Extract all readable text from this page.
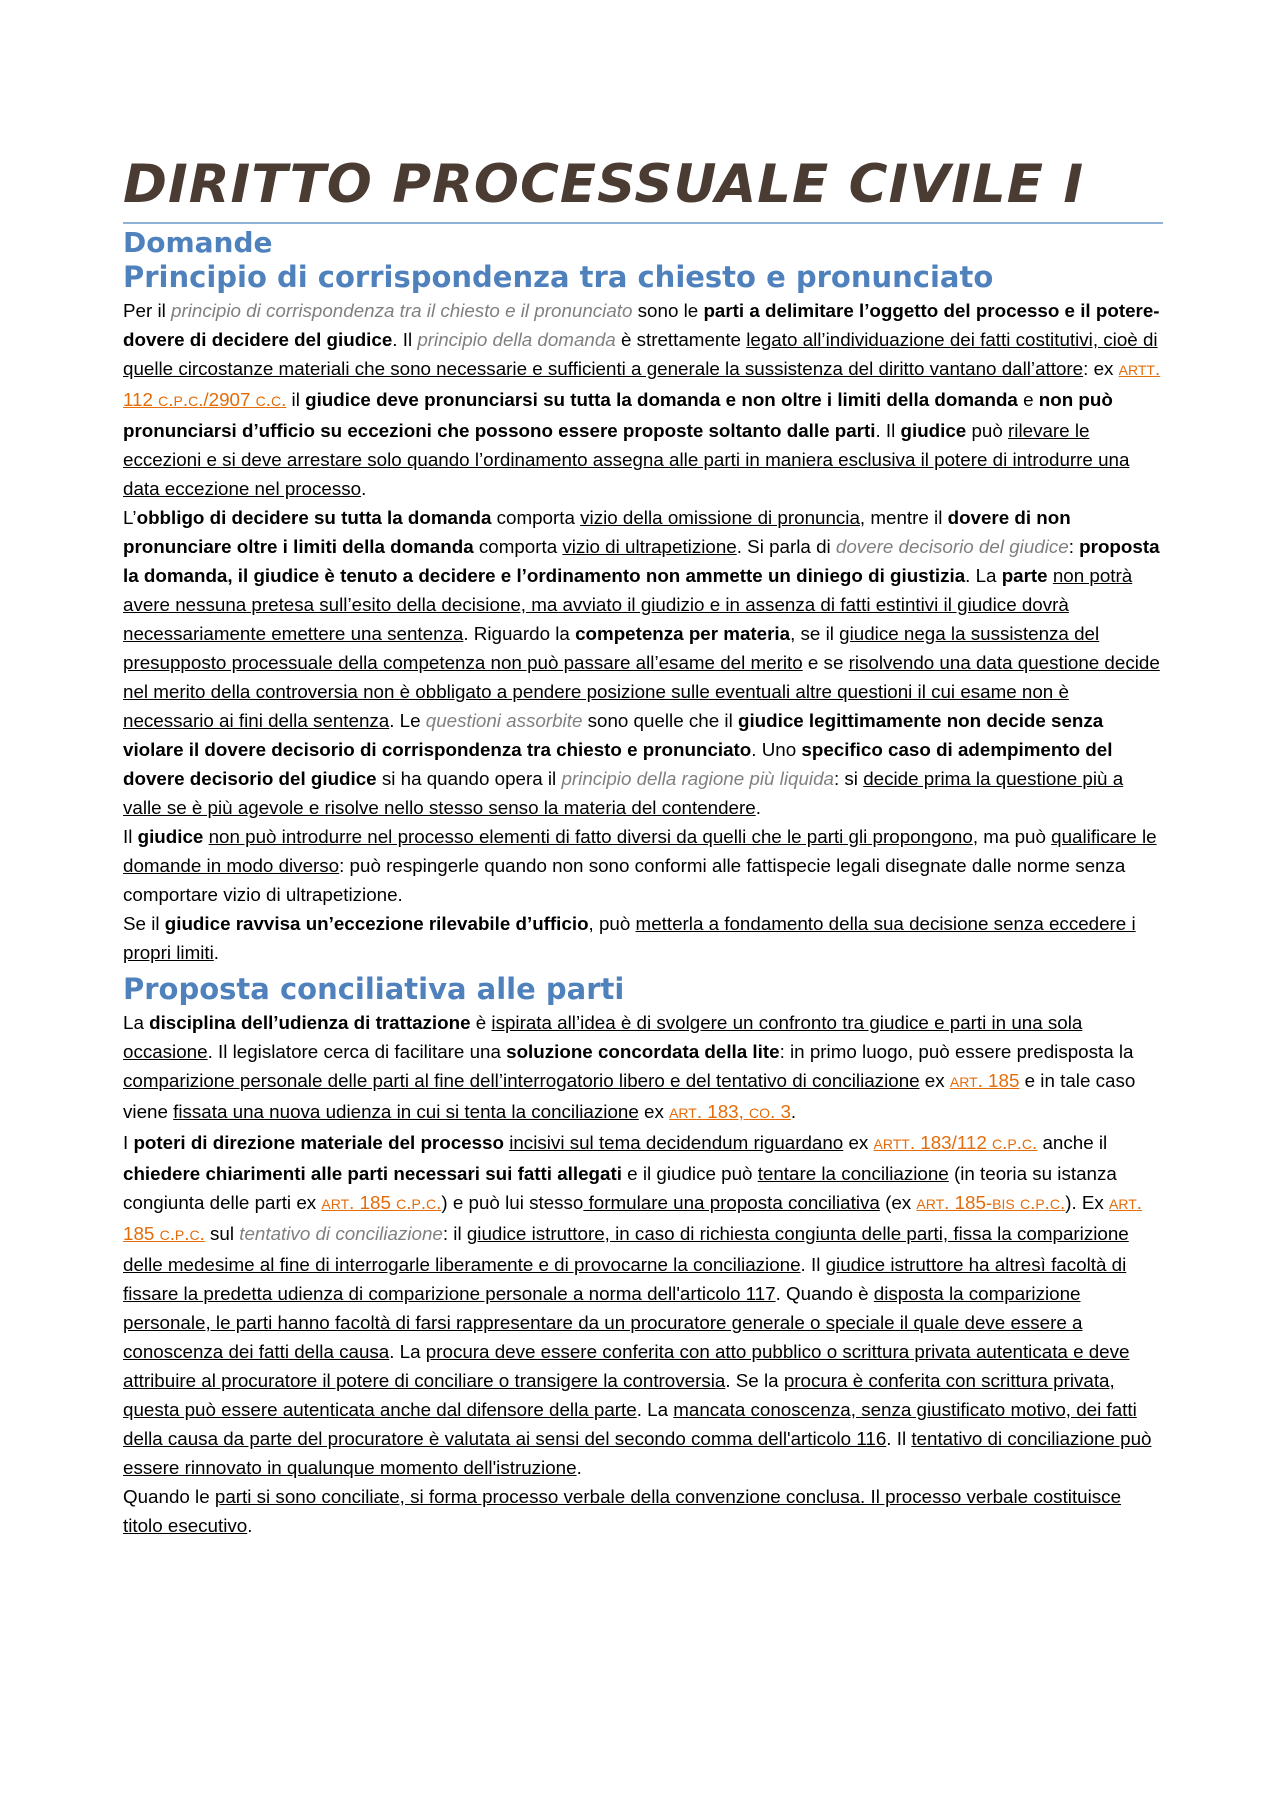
DIRITTO PROCESSUALE CIVILE I
Domande
Principio di corrispondenza tra chiesto e pronunciato

Per il principio di corrispondenza tra il chiesto e il pronunciato sono le parti a delimitare l’oggetto del processo e il potere-dovere di decidere del giudice. Il principio della domanda è strettamente legato all’individuazione dei fatti costitutivi, cioè di quelle circostanze materiali che sono necessarie e sufficienti a generale la sussistenza del diritto vantano dall’attore: ex ARTT. 112 C.P.C./2907 C.C. il giudice deve pronunciarsi su tutta la domanda e non oltre i limiti della domanda e non può pronunciarsi d’ufficio su eccezioni che possono essere proposte soltanto dalle parti. Il giudice può rilevare le eccezioni e si deve arrestare solo quando l’ordinamento assegna alle parti in maniera esclusiva il potere di introdurre una data eccezione nel processo.

L’obbligo di decidere su tutta la domanda comporta vizio della omissione di pronuncia, mentre il dovere di non pronunciare oltre i limiti della domanda comporta vizio di ultrapetizione. Si parla di dovere decisorio del giudice: proposta la domanda, il giudice è tenuto a decidere e l’ordinamento non ammette un diniego di giustizia. La parte non potrà avere nessuna pretesa sull’esito della decisione, ma avviato il giudizio e in assenza di fatti estintivi il giudice dovrà necessariamente emettere una sentenza. Riguardo la competenza per materia, se il giudice nega la sussistenza del presupposto processuale della competenza non può passare all’esame del merito e se risolvendo una data questione decide nel merito della controversia non è obbligato a pendere posizione sulle eventuali altre questioni il cui esame non è necessario ai fini della sentenza. Le questioni assorbite sono quelle che il giudice legittimamente non decide senza violare il dovere decisorio di corrispondenza tra chiesto e pronunciato. Uno specifico caso di adempimento del dovere decisorio del giudice si ha quando opera il principio della ragione più liquida: si decide prima la questione più a valle se è più agevole e risolve nello stesso senso la materia del contendere.

Il giudice non può introdurre nel processo elementi di fatto diversi da quelli che le parti gli propongono, ma può qualificare le domande in modo diverso: può respingerle quando non sono conformi alle fattispecie legali disegnate dalle norme senza comportare vizio di ultrapetizione.

Se il giudice ravvisa un’eccezione rilevabile d’ufficio, può metterla a fondamento della sua decisione senza eccedere i propri limiti.

Proposta conciliativa alle parti

La disciplina dell’udienza di trattazione è ispirata all’idea è di svolgere un confronto tra giudice e parti in una sola occasione. Il legislatore cerca di facilitare una soluzione concordata della lite: in primo luogo, può essere predisposta la comparizione personale delle parti al fine dell’interrogatorio libero e del tentativo di conciliazione ex ART. 185 e in tale caso viene fissata una nuova udienza in cui si tenta la conciliazione ex ART. 183, CO. 3.

I poteri di direzione materiale del processo incisivi sul tema decidendum riguardano ex ARTT. 183/112 C.P.C. anche il chiedere chiarimenti alle parti necessari sui fatti allegati e il giudice può tentare la conciliazione (in teoria su istanza congiunta delle parti ex ART. 185 C.P.C.) e può lui stesso formulare una proposta conciliativa (ex ART. 185-BIS C.P.C.). Ex ART. 185 C.P.C. sul tentativo di conciliazione: il giudice istruttore, in caso di richiesta congiunta delle parti, fissa la comparizione delle medesime al fine di interrogarle liberamente e di provocarne la conciliazione. Il giudice istruttore ha altresì facoltà di fissare la predetta udienza di comparizione personale a norma dell'articolo 117. Quando è disposta la comparizione personale, le parti hanno facoltà di farsi rappresentare da un procuratore generale o speciale il quale deve essere a conoscenza dei fatti della causa. La procura deve essere conferita con atto pubblico o scrittura privata autenticata e deve attribuire al procuratore il potere di conciliare o transigere la controversia. Se la procura è conferita con scrittura privata, questa può essere autenticata anche dal difensore della parte. La mancata conoscenza, senza giustificato motivo, dei fatti della causa da parte del procuratore è valutata ai sensi del secondo comma dell'articolo 116. Il tentativo di conciliazione può essere rinnovato in qualunque momento dell'istruzione.

Quando le parti si sono conciliate, si forma processo verbale della convenzione conclusa. Il processo verbale costituisce titolo esecutivo.
